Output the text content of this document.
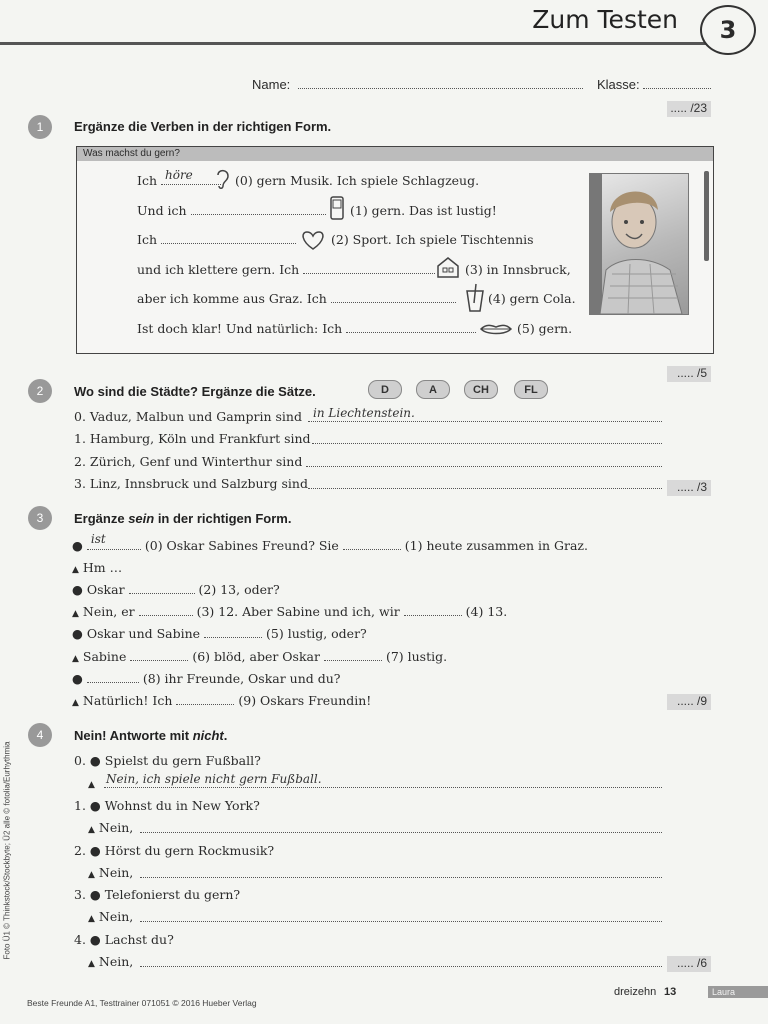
Zum Testen	3
Name:	Klasse:
..... /23
1	Ergänze die Verben in der richtigen Form.
Was machst du gern?
Ich höre	(0) gern Musik. Ich spiele Schlagzeug.
Und ich	(1) gern. Das ist lustig!
Ich	(2) Sport. Ich spiele Tischtennis
und ich klettere gern. Ich	(3) in Innsbruck,
aber ich komme aus Graz. Ich	(4) gern Cola.
Ist doch klar! Und natürlich: Ich	(5) gern.
..... /5
2	Wo sind die Städte? Ergänze die Sätze.	D	A	CH	FL
0. Vaduz, Malbun und Gamprin sind in Liechtenstein.
1. Hamburg, Köln und Frankfurt sind
2. Zürich, Genf und Winterthur sind
3. Linz, Innsbruck und Salzburg sind	..... /3
3	Ergänze sein in der richtigen Form.
● ist	(0) Oskar Sabines Freund? Sie	(1) heute zusammen in Graz.
▲ Hm …
● Oskar	(2) 13, oder?
▲ Nein, er	(3) 12. Aber Sabine und ich, wir	(4) 13.
● Oskar und Sabine	(5) lustig, oder?
▲ Sabine	(6) blöd, aber Oskar	(7) lustig.
●	(8) ihr Freunde, Oskar und du?
▲ Natürlich! Ich	(9) Oskars Freundin!	..... /9
4	Nein! Antworte mit nicht.
0. ● Spielst du gern Fußball?
▲ Nein, ich spiele nicht gern Fußball.
1. ● Wohnst du in New York?
▲ Nein,
2. ● Hörst du gern Rockmusik?
▲ Nein,
3. ● Telefonierst du gern?
▲ Nein,
4. ● Lachst du?
▲ Nein,	..... /6
Foto Ü1 © Thinkstock/Stockbyte; Ü2 alle © fotolia/Eurhythmia
Beste Freunde A1, Testtrainer 071051 © 2016 Hueber Verlag
dreizehn 13	Laura
